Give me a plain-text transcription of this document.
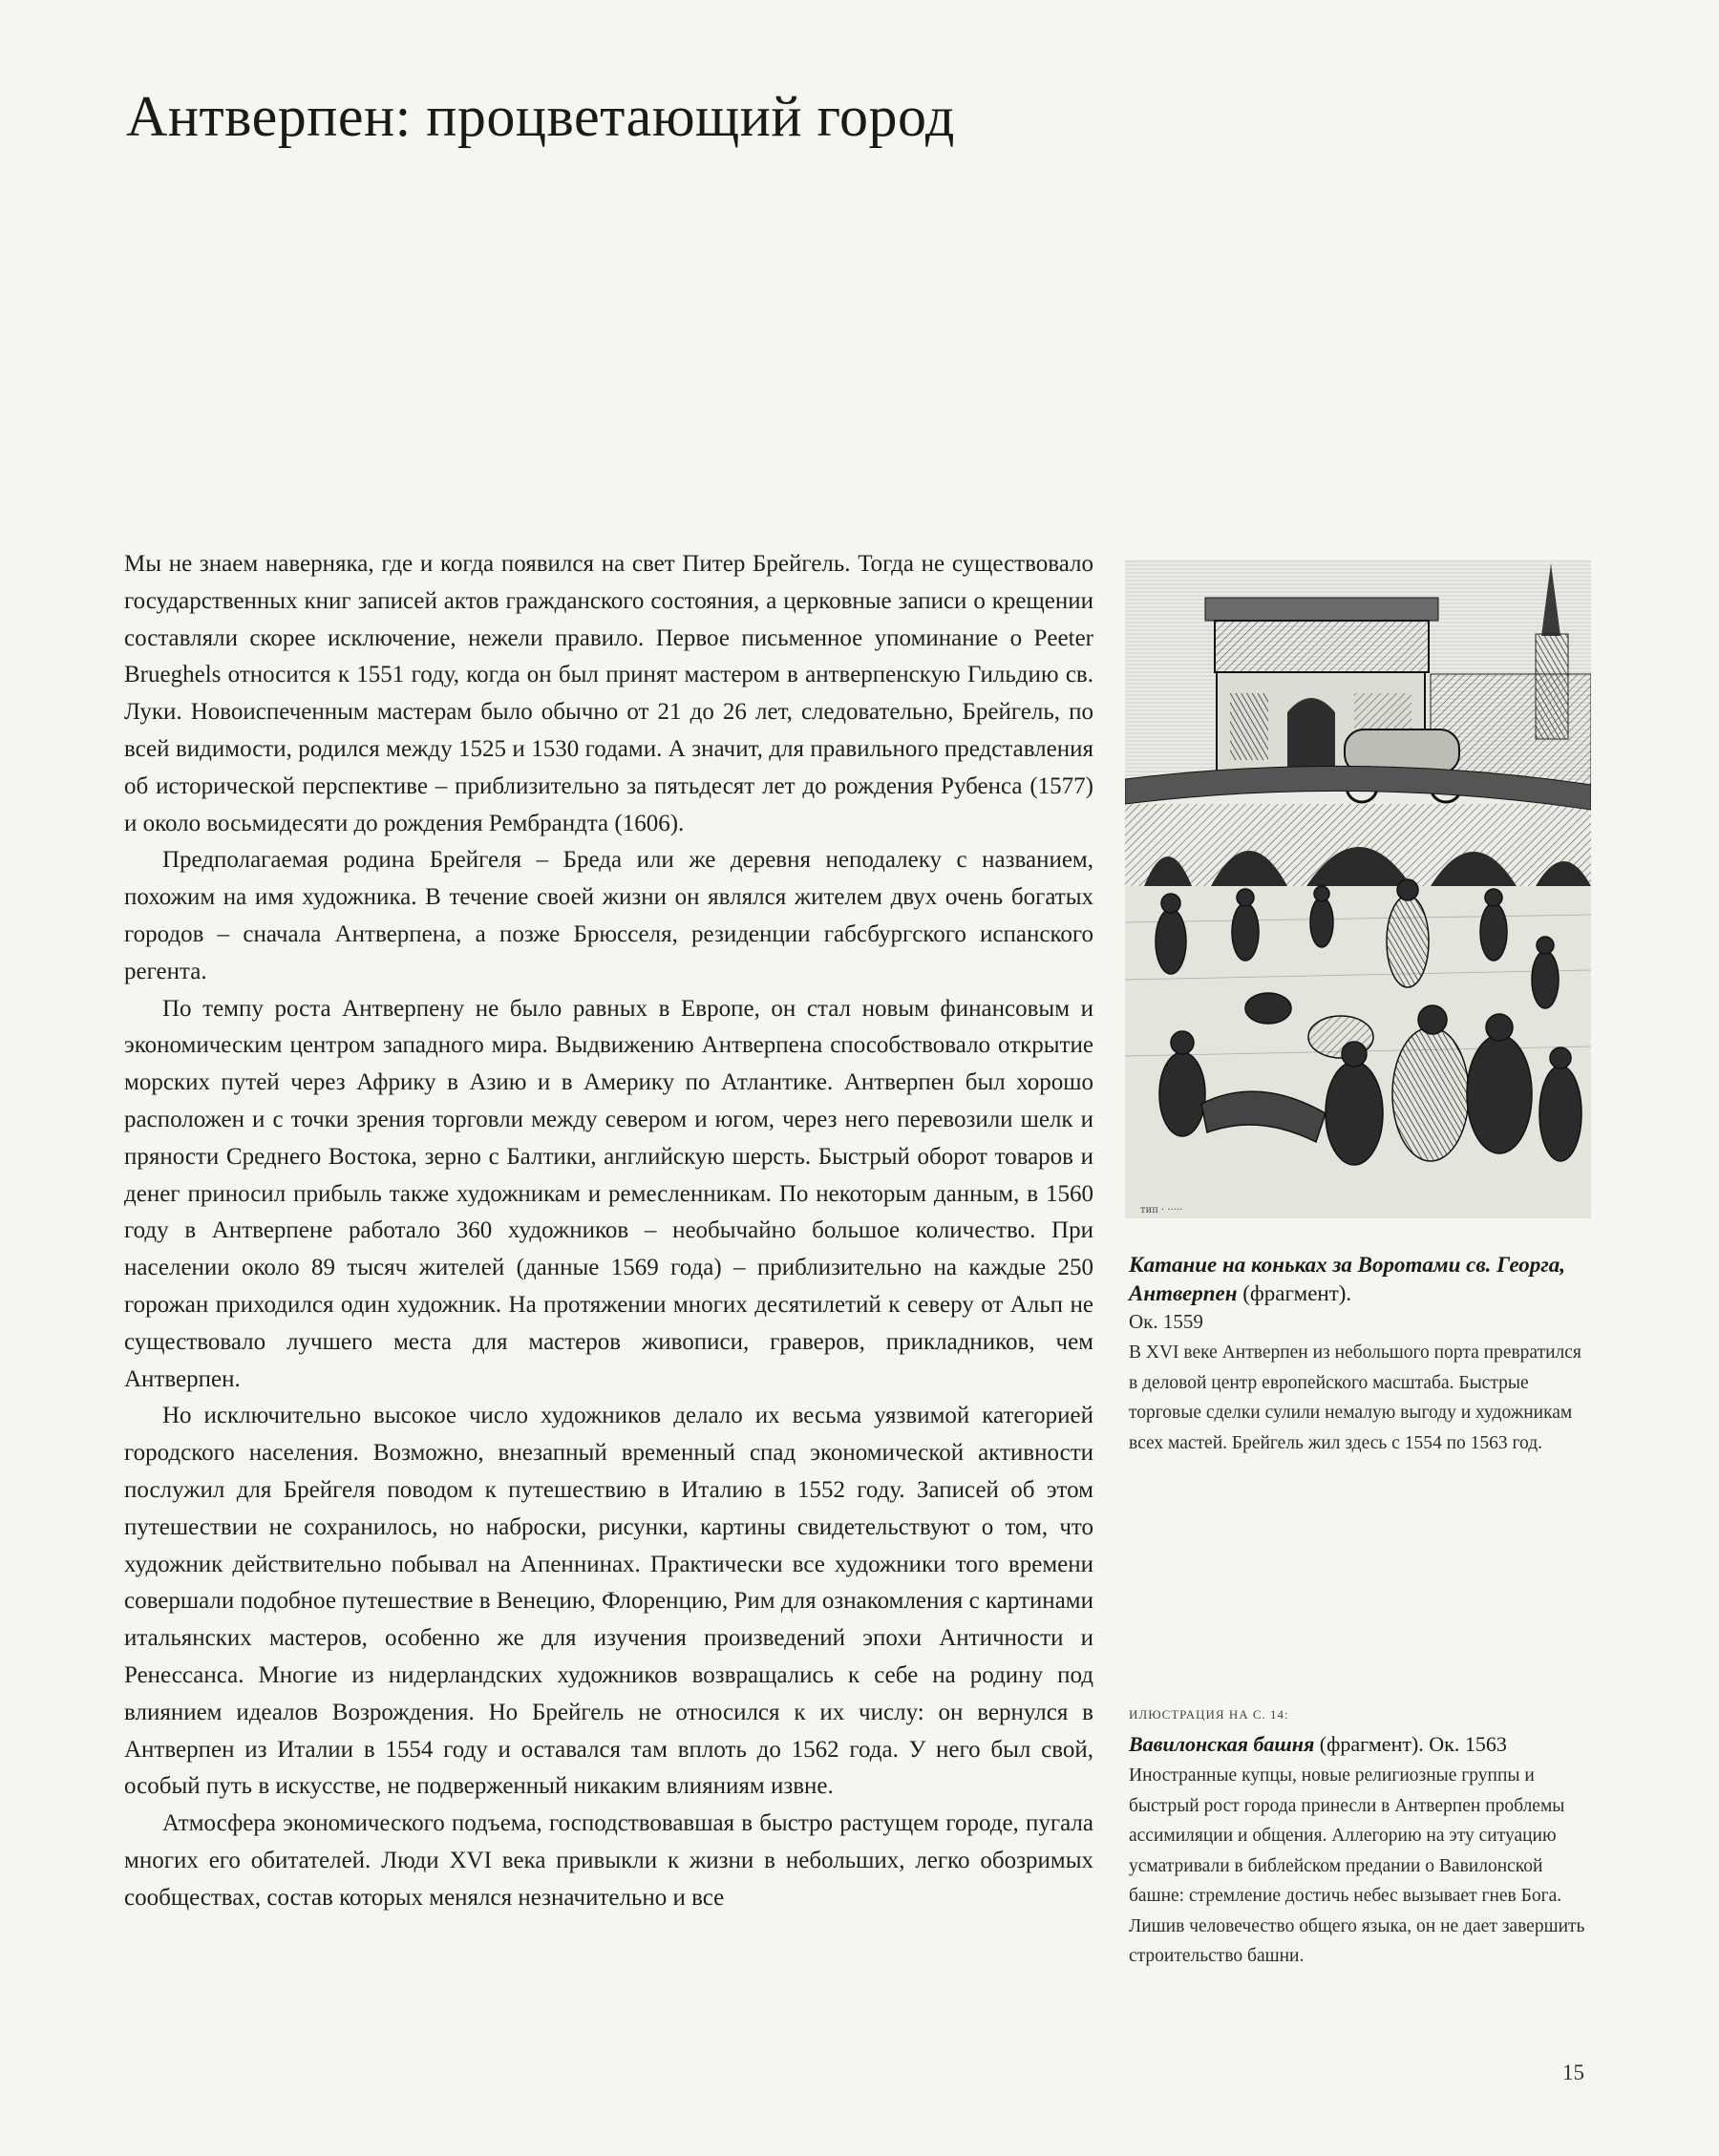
Антверпен: процветающий город

Мы не знаем наверняка, где и когда появился на свет Питер Брейгель. Тогда не существовало государственных книг записей актов гражданского состояния, а церковные записи о крещении составляли скорее исключение, нежели правило. Первое письменное упоминание о Peeter Brueghels относится к 1551 году, когда он был принят мастером в антверпенскую Гильдию св. Луки. Новоиспеченным мастерам было обычно от 21 до 26 лет, следовательно, Брейгель, по всей видимости, родился между 1525 и 1530 годами. А значит, для правильного представления об исторической перспективе – приблизительно за пятьдесят лет до рождения Рубенса (1577) и около восьмидесяти до рождения Рембрандта (1606).

Предполагаемая родина Брейгеля – Бреда или же деревня неподалеку с названием, похожим на имя художника. В течение своей жизни он являлся жителем двух очень богатых городов – сначала Антверпена, а позже Брюсселя, резиденции габсбургского испанского регента.

По темпу роста Антверпену не было равных в Европе, он стал новым финансовым и экономическим центром западного мира. Выдвижению Антверпена способствовало открытие морских путей через Африку в Азию и в Америку по Атлантике. Антверпен был хорошо расположен и с точки зрения торговли между севером и югом, через него перевозили шелк и пряности Среднего Востока, зерно с Балтики, английскую шерсть. Быстрый оборот товаров и денег приносил прибыль также художникам и ремесленникам. По некоторым данным, в 1560 году в Антверпене работало 360 художников – необычайно большое количество. При населении около 89 тысяч жителей (данные 1569 года) – приблизительно на каждые 250 горожан приходился один художник. На протяжении многих десятилетий к северу от Альп не существовало лучшего места для мастеров живописи, граверов, прикладников, чем Антверпен.

Но исключительно высокое число художников делало их весьма уязвимой категорией городского населения. Возможно, внезапный временный спад экономической активности послужил для Брейгеля поводом к путешествию в Италию в 1552 году. Записей об этом путешествии не сохранилось, но наброски, рисунки, картины свидетельствуют о том, что художник действительно побывал на Апеннинах. Практически все художники того времени совершали подобное путешествие в Венецию, Флоренцию, Рим для ознакомления с картинами итальянских мастеров, особенно же для изучения произведений эпохи Античности и Ренессанса. Многие из нидерландских художников возвращались к себе на родину под влиянием идеалов Возрождения. Но Брейгель не относился к их числу: он вернулся в Антверпен из Италии в 1554 году и оставался там вплоть до 1562 года. У него был свой, особый путь в искусстве, не подверженный никаким влияниям извне.

Атмосфера экономического подъема, господствовавшая в быстро растущем городе, пугала многих его обитателей. Люди XVI века привыкли к жизни в небольших, легко обозримых сообществах, состав которых менялся незначительно и все

тип · ·····
Катание на коньках за Воротами св. Георга, Антверпен (фрагмент).
Ок. 1559
В XVI веке Антверпен из небольшого порта превратился в деловой центр европейского масштаба. Быстрые торговые сделки сулили немалую выгоду и художникам всех мастей. Брейгель жил здесь с 1554 по 1563 год.
ИЛЮСТРАЦИЯ НА С. 14:
Вавилонская башня (фрагмент). Ок. 1563
Иностранные купцы, новые религиозные группы и быстрый рост города принесли в Антверпен проблемы ассимиляции и общения. Аллегорию на эту ситуацию усматривали в библейском предании о Вавилонской башне: стремление достичь небес вызывает гнев Бога. Лишив человечество общего языка, он не дает завершить строительство башни.
15
